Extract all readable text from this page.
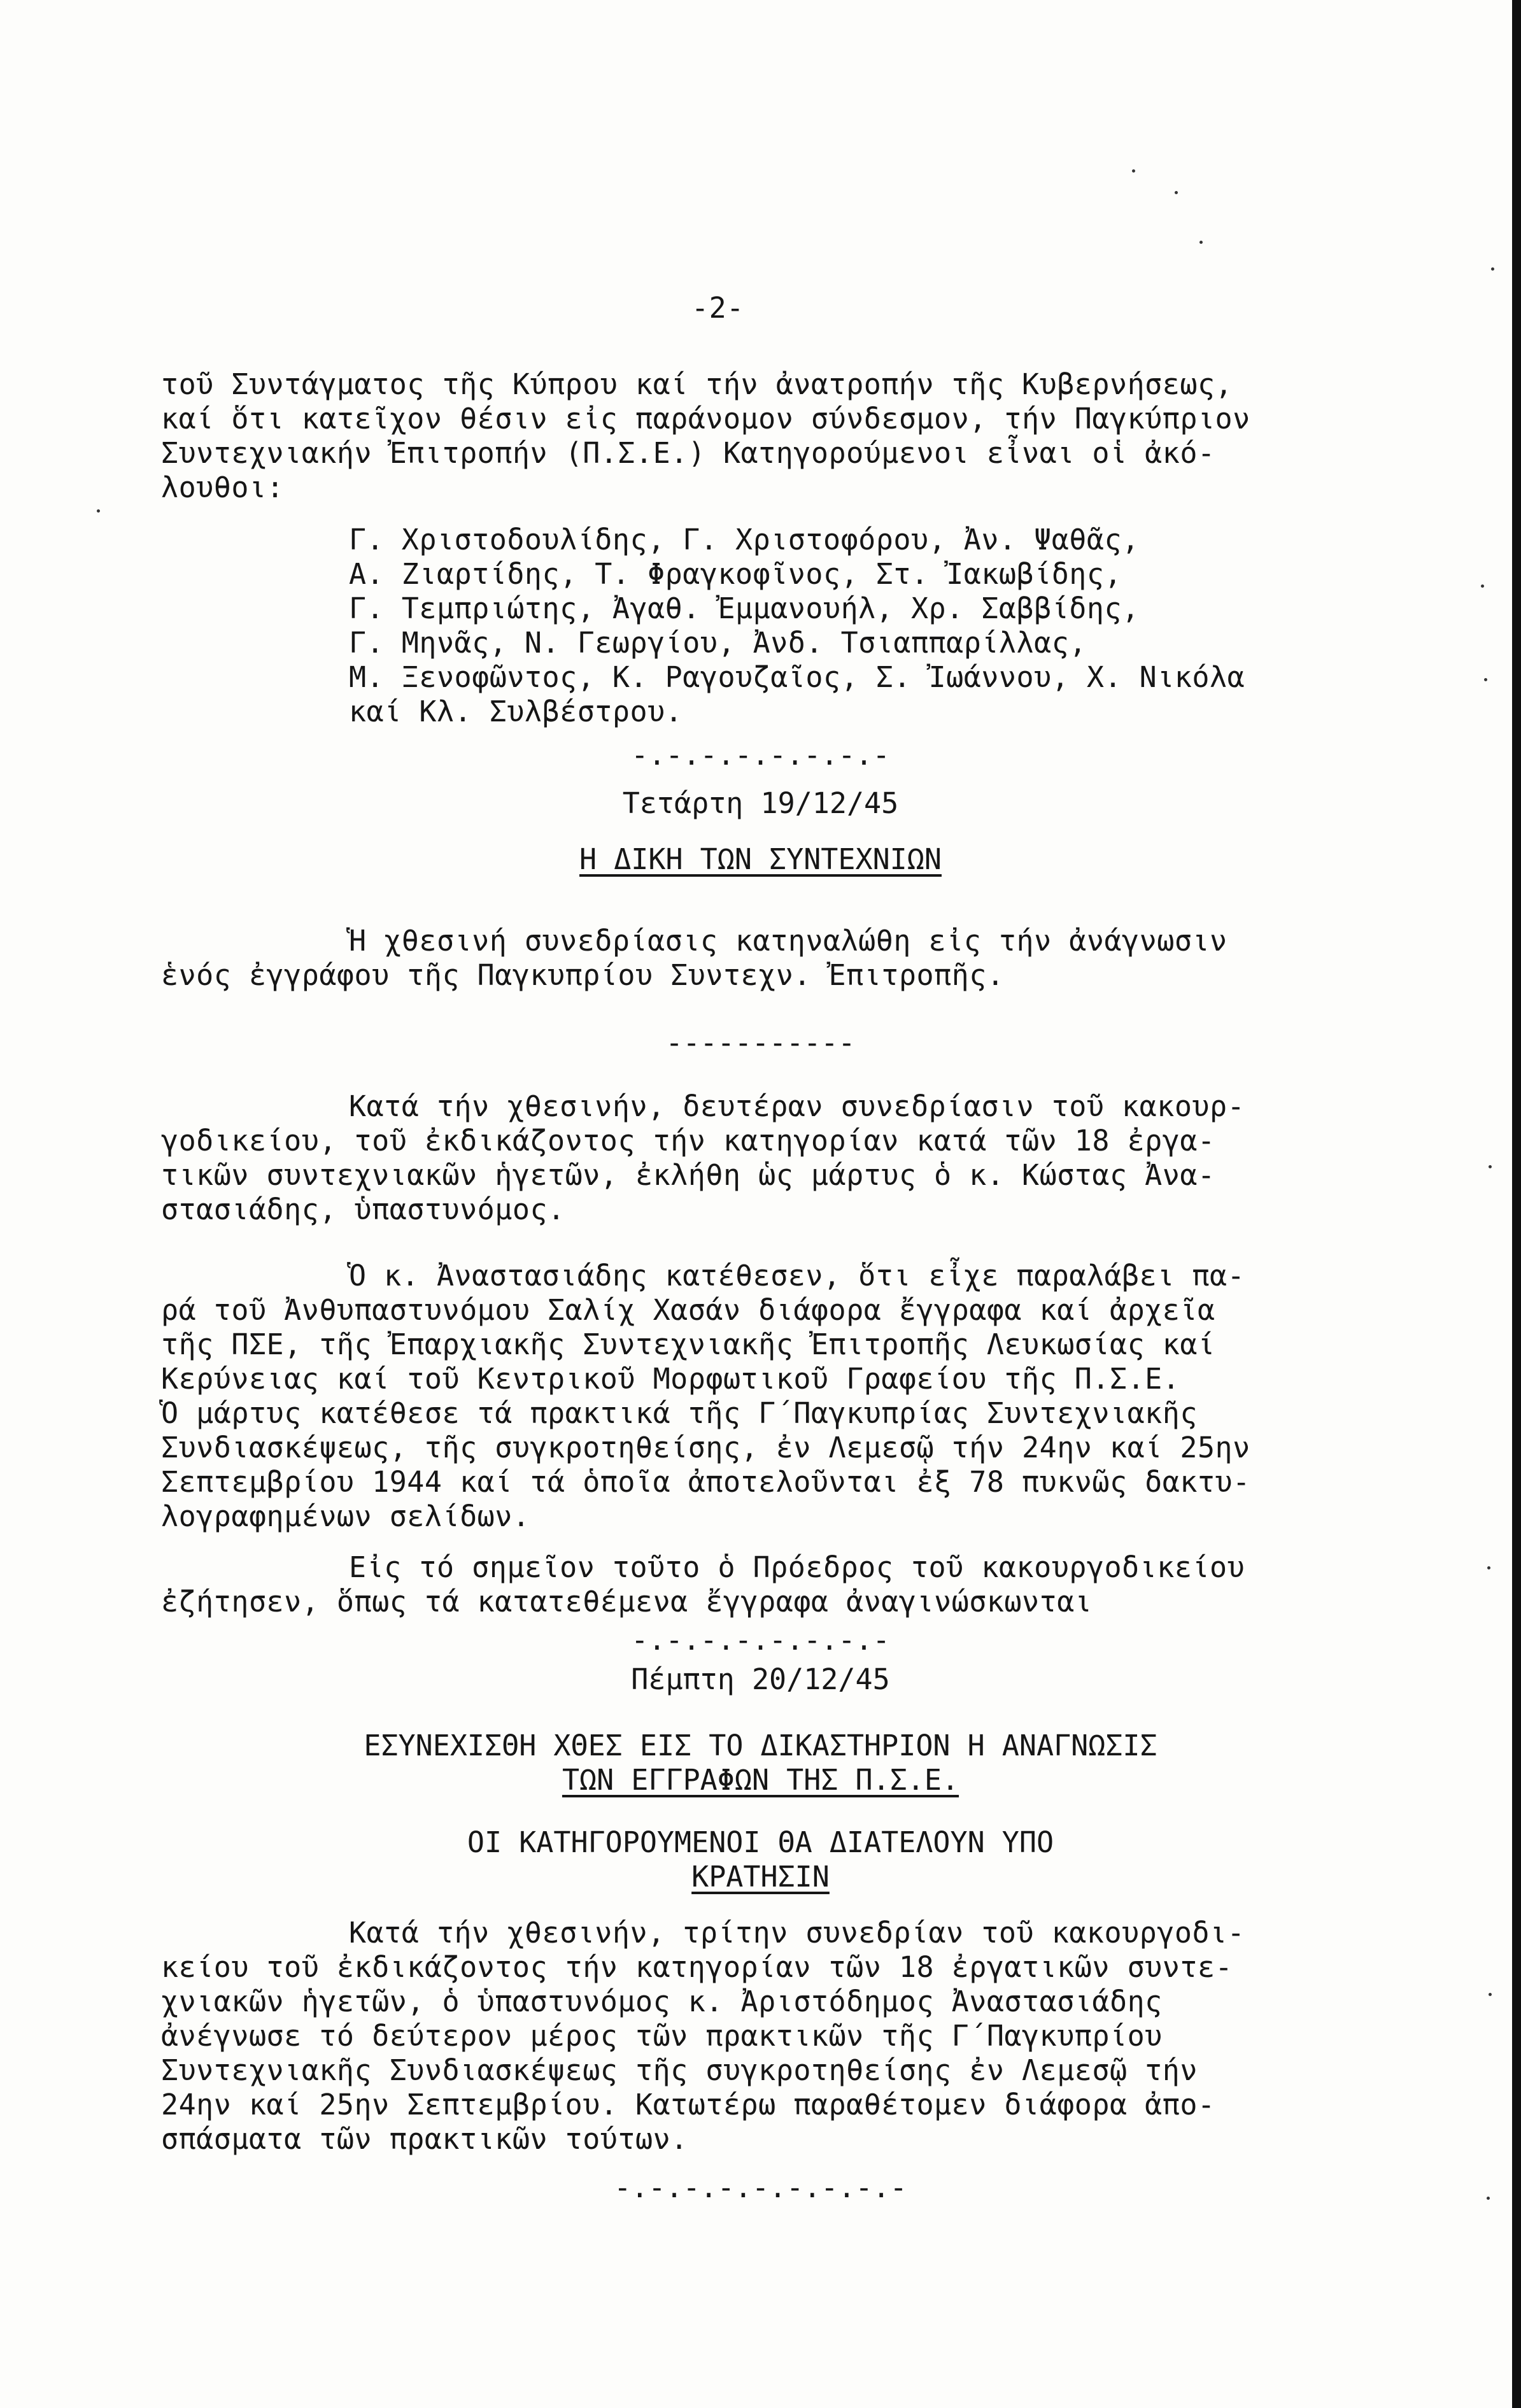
-2-
τοῦ Συντάγματος τῆς Κύπρου καί τήν ἀνατροπήν τῆς Κυβερνήσεως,
καί ὅτι κατεῖχον θέσιν εἰς παράνομον σύνδεσμον, τήν Παγκύπριον
Συντεχνιακήν Ἐπιτροπήν (Π.Σ.Ε.) Κατηγορούμενοι εἶναι οἱ ἀκό-
λουθοι:
Γ. Χριστοδουλίδης, Γ. Χριστοφόρου, Ἀν. Ψαθᾶς,
Α. Ζιαρτίδης, Τ. Φραγκοφῖνος, Στ. Ἰακωβίδης,
Γ. Τεμπριώτης, Ἀγαθ. Ἐμμανουήλ, Χρ. Σαββίδης,
Γ. Μηνᾶς, Ν. Γεωργίου, Ἀνδ. Τσιαππαρίλλας,
Μ. Ξενοφῶντος, Κ. Ραγουζαῖος, Σ. Ἰωάννου, Χ. Νικόλα
καί Κλ. Συλβέστρου.
-.-.-.-.-.-.-.-
Τετάρτη 19/12/45
Η ΔΙΚΗ ΤΩΝ ΣΥΝΤΕΧΝΙΩΝ
Ἡ χθεσινή συνεδρίασις κατηναλώθη εἰς τήν ἀνάγνωσιν
ἑνός ἐγγράφου τῆς Παγκυπρίου Συντεχν. Ἐπιτροπῆς.
-----------
Κατά τήν χθεσινήν, δευτέραν συνεδρίασιν τοῦ κακουρ-
γοδικείου, τοῦ ἐκδικάζοντος τήν κατηγορίαν κατά τῶν 18 ἐργα-
τικῶν συντεχνιακῶν ἡγετῶν, ἐκλήθη ὡς μάρτυς ὁ κ. Κώστας Ἀνα-
στασιάδης, ὑπαστυνόμος.
Ὁ κ. Ἀναστασιάδης κατέθεσεν, ὅτι εἶχε παραλάβει πα-
ρά τοῦ Ἀνθυπαστυνόμου Σαλίχ Χασάν διάφορα ἔγγραφα καί ἀρχεῖα
τῆς ΠΣΕ, τῆς Ἐπαρχιακῆς Συντεχνιακῆς Ἐπιτροπῆς Λευκωσίας καί
Κερύνειας καί τοῦ Κεντρικοῦ Μορφωτικοῦ Γραφείου τῆς Π.Σ.Ε.
Ὁ μάρτυς κατέθεσε τά πρακτικά τῆς Γ΄Παγκυπρίας Συντεχνιακῆς
Συνδιασκέψεως, τῆς συγκροτηθείσης, ἐν Λεμεσῷ τήν 24ην καί 25ην
Σεπτεμβρίου 1944 καί τά ὁποῖα ἀποτελοῦνται ἐξ 78 πυκνῶς δακτυ-
λογραφημένων σελίδων.
Εἰς τό σημεῖον τοῦτο ὁ Πρόεδρος τοῦ κακουργοδικείου
ἐζήτησεν, ὅπως τά κατατεθέμενα ἔγγραφα ἀναγινώσκωνται
-.-.-.-.-.-.-.-
Πέμπτη 20/12/45
ΕΣΥΝΕΧΙΣΘΗ ΧΘΕΣ ΕΙΣ ΤΟ ΔΙΚΑΣΤΗΡΙΟΝ Η ΑΝΑΓΝΩΣΙΣ
ΤΩΝ ΕΓΓΡΑΦΩΝ ΤΗΣ Π.Σ.Ε.
ΟΙ ΚΑΤΗΓΟΡΟΥΜΕΝΟΙ ΘΑ ΔΙΑΤΕΛΟΥΝ ΥΠΟ
ΚΡΑΤΗΣΙΝ
Κατά τήν χθεσινήν, τρίτην συνεδρίαν τοῦ κακουργοδι-
κείου τοῦ ἐκδικάζοντος τήν κατηγορίαν τῶν 18 ἐργατικῶν συντε-
χνιακῶν ἡγετῶν, ὁ ὑπαστυνόμος κ. Ἀριστόδημος Ἀναστασιάδης
ἀνέγνωσε τό δεύτερον μέρος τῶν πρακτικῶν τῆς Γ΄Παγκυπρίου
Συντεχνιακῆς Συνδιασκέψεως τῆς συγκροτηθείσης ἐν Λεμεσῷ τήν
24ην καί 25ην Σεπτεμβρίου. Κατωτέρω παραθέτομεν διάφορα ἀπο-
σπάσματα τῶν πρακτικῶν τούτων.
-.-.-.-.-.-.-.-.-
